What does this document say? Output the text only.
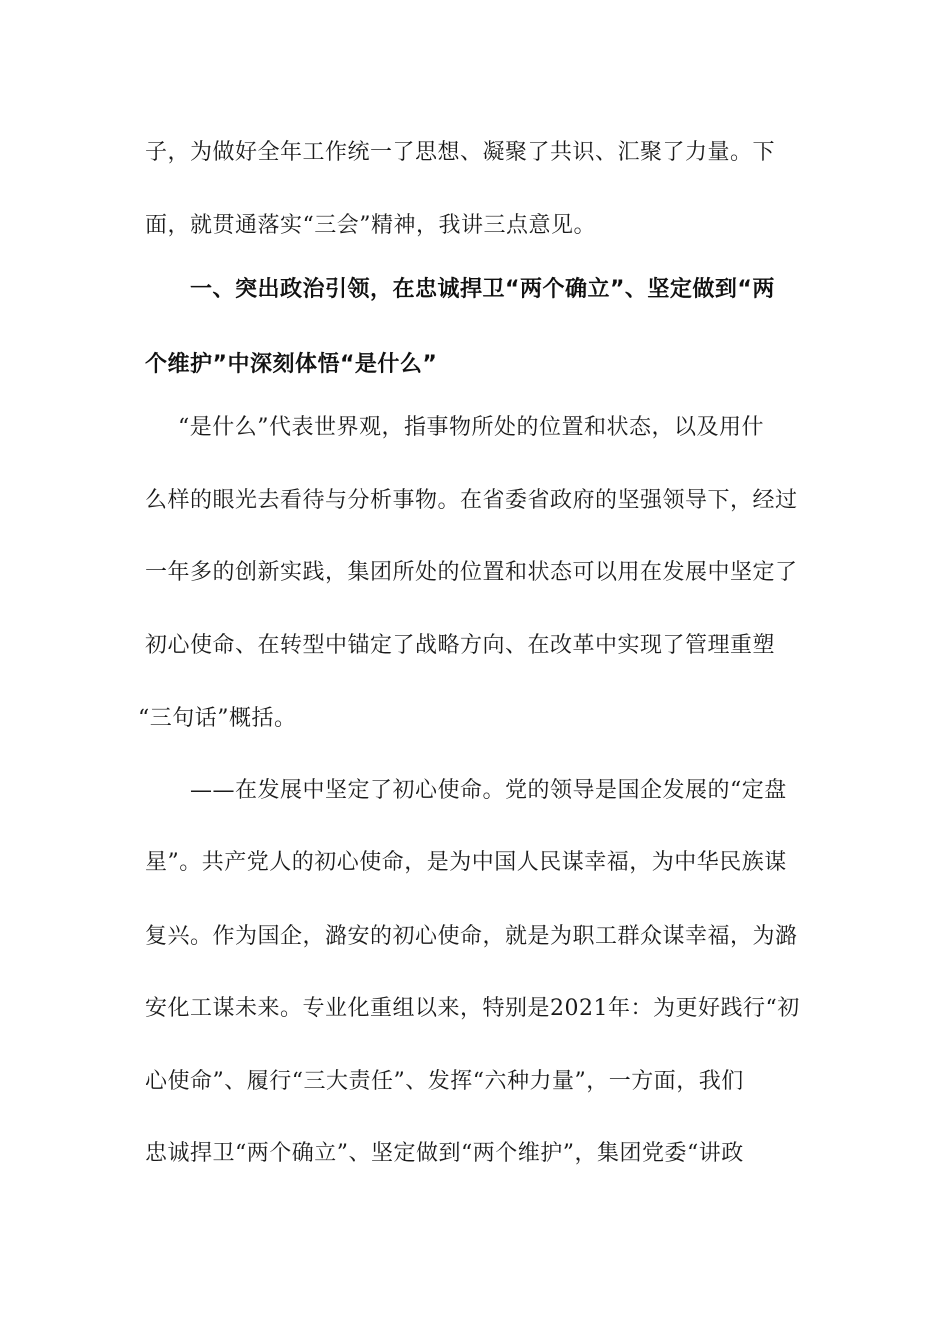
子，为做好全年工作统一了思想、凝聚了共识、汇聚了力量。下
面，就贯通落实“三会”精神，我讲三点意见。
一、突出政治引领，在忠诚捍卫“两个确立”、坚定做到“两
个维护”中深刻体悟“是什么”
“是什么”代表世界观，指事物所处的位置和状态，以及用什
么样的眼光去看待与分析事物。在省委省政府的坚强领导下，经过
一年多的创新实践，集团所处的位置和状态可以用在发展中坚定了
初心使命、在转型中锚定了战略方向、在改革中实现了管理重塑
“三句话”概括。
——在发展中坚定了初心使命。党的领导是国企发展的“定盘
星”。共产党人的初心使命，是为中国人民谋幸福，为中华民族谋
复兴。作为国企，潞安的初心使命，就是为职工群众谋幸福，为潞
安化工谋未来。专业化重组以来，特别是2021年：为更好践行“初
心使命”、履行“三大责任”、发挥“六种力量”，一方面，我们
忠诚捍卫“两个确立”、坚定做到“两个维护”，集团党委“讲政
